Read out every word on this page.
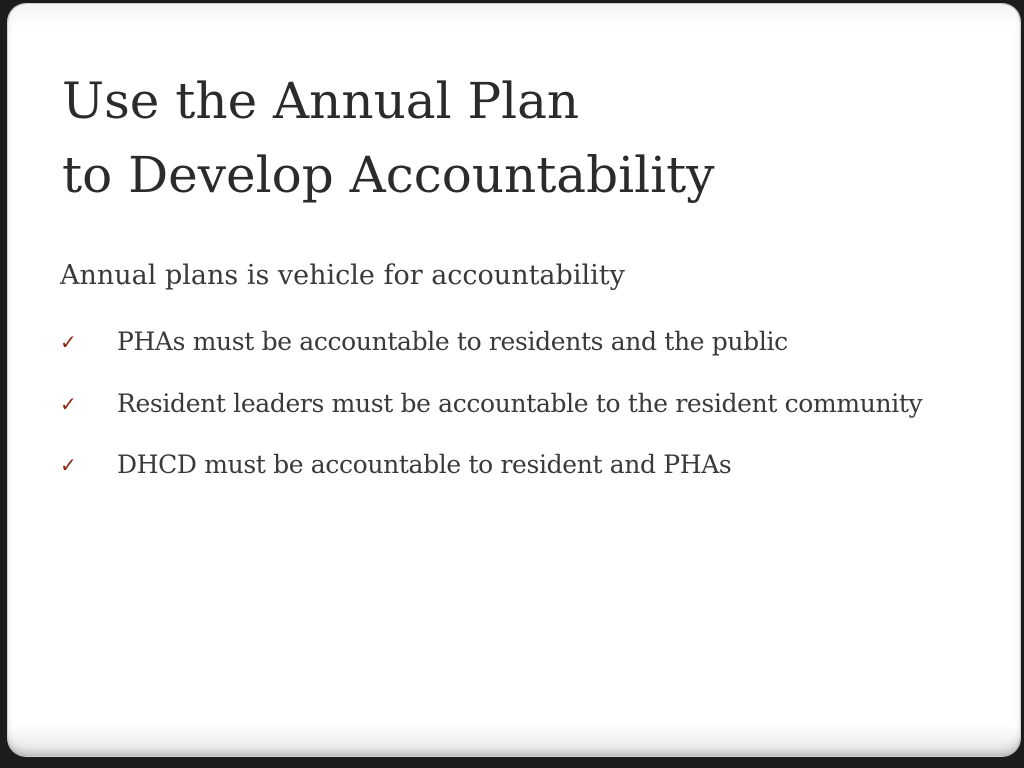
Use the Annual Plan
to Develop Accountability

Annual plans is vehicle for accountability

✓ PHAs must be accountable to residents and the public
✓ Resident leaders must be accountable to the resident community
✓ DHCD must be accountable to resident and PHAs
